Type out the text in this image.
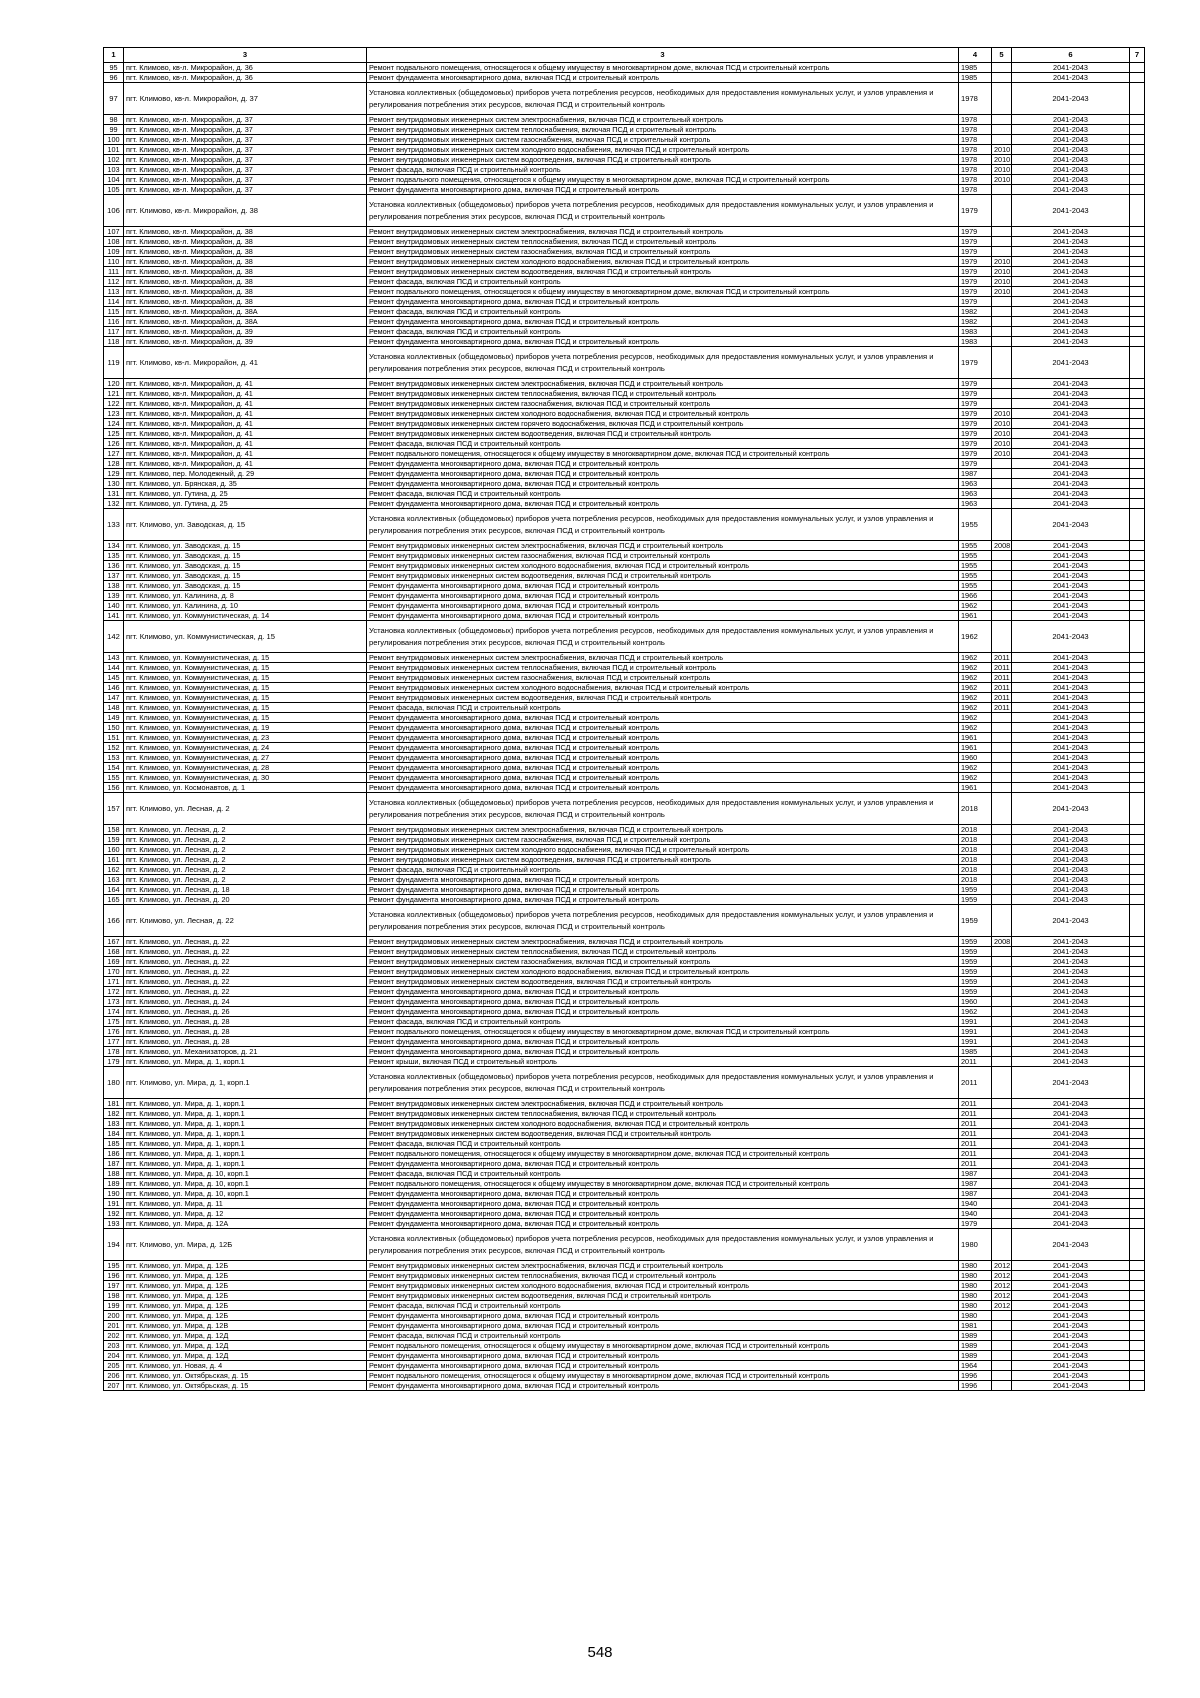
1	3	3	4	5	6	7
95	пгт. Климово, кв-л. Микрорайон, д. 36	Ремонт подвального помещения, относящегося к общему имуществу в многоквартирном доме, включая ПСД и строительный контроль	1985		2041-2043	
96	пгт. Климово, кв-л. Микрорайон, д. 36	Ремонт фундамента многоквартирного дома, включая ПСД и строительный контроль	1985		2041-2043	
97	пгт. Климово, кв-л. Микрорайон, д. 37	Установка коллективных (общедомовых) приборов учета потребления ресурсов, необходимых для предоставления коммунальных услуг, и узлов управления и регулирования потребления этих ресурсов, включая ПСД и строительный контроль	1978		2041-2043	
98	пгт. Климово, кв-л. Микрорайон, д. 37	Ремонт внутридомовых инженерных систем электроснабжения, включая ПСД и строительный контроль	1978		2041-2043	
99	пгт. Климово, кв-л. Микрорайон, д. 37	Ремонт внутридомовых инженерных систем теплоснабжения, включая ПСД и строительный контроль	1978		2041-2043	
100	пгт. Климово, кв-л. Микрорайон, д. 37	Ремонт внутридомовых инженерных систем газоснабжения, включая ПСД и строительный контроль	1978		2041-2043	
101	пгт. Климово, кв-л. Микрорайон, д. 37	Ремонт внутридомовых инженерных систем холодного водоснабжения, включая ПСД и строительный контроль	1978	2010	2041-2043	
102	пгт. Климово, кв-л. Микрорайон, д. 37	Ремонт внутридомовых инженерных систем водоотведения, включая ПСД и строительный контроль	1978	2010	2041-2043	
103	пгт. Климово, кв-л. Микрорайон, д. 37	Ремонт фасада, включая ПСД и строительный контроль	1978	2010	2041-2043	
104	пгт. Климово, кв-л. Микрорайон, д. 37	Ремонт подвального помещения, относящегося к общему имуществу в многоквартирном доме, включая ПСД и строительный контроль	1978	2010	2041-2043	
105	пгт. Климово, кв-л. Микрорайон, д. 37	Ремонт фундамента многоквартирного дома, включая ПСД и строительный контроль	1978		2041-2043	
106	пгт. Климово, кв-л. Микрорайон, д. 38	Установка коллективных (общедомовых) приборов учета потребления ресурсов, необходимых для предоставления коммунальных услуг, и узлов управления и регулирования потребления этих ресурсов, включая ПСД и строительный контроль	1979		2041-2043	
107	пгт. Климово, кв-л. Микрорайон, д. 38	Ремонт внутридомовых инженерных систем электроснабжения, включая ПСД и строительный контроль	1979		2041-2043	
108	пгт. Климово, кв-л. Микрорайон, д. 38	Ремонт внутридомовых инженерных систем теплоснабжения, включая ПСД и строительный контроль	1979		2041-2043	
109	пгт. Климово, кв-л. Микрорайон, д. 38	Ремонт внутридомовых инженерных систем газоснабжения, включая ПСД и строительный контроль	1979		2041-2043	
110	пгт. Климово, кв-л. Микрорайон, д. 38	Ремонт внутридомовых инженерных систем холодного водоснабжения, включая ПСД и строительный контроль	1979	2010	2041-2043	
111	пгт. Климово, кв-л. Микрорайон, д. 38	Ремонт внутридомовых инженерных систем водоотведения, включая ПСД и строительный контроль	1979	2010	2041-2043	
112	пгт. Климово, кв-л. Микрорайон, д. 38	Ремонт фасада, включая ПСД и строительный контроль	1979	2010	2041-2043	
113	пгт. Климово, кв-л. Микрорайон, д. 38	Ремонт подвального помещения, относящегося к общему имуществу в многоквартирном доме, включая ПСД и строительный контроль	1979	2010	2041-2043	
114	пгт. Климово, кв-л. Микрорайон, д. 38	Ремонт фундамента многоквартирного дома, включая ПСД и строительный контроль	1979		2041-2043	
115	пгт. Климово, кв-л. Микрорайон, д. 38А	Ремонт фасада, включая ПСД и строительный контроль	1982		2041-2043	
116	пгт. Климово, кв-л. Микрорайон, д. 38А	Ремонт фундамента многоквартирного дома, включая ПСД и строительный контроль	1982		2041-2043	
117	пгт. Климово, кв-л. Микрорайон, д. 39	Ремонт фасада, включая ПСД и строительный контроль	1983		2041-2043	
118	пгт. Климово, кв-л. Микрорайон, д. 39	Ремонт фундамента многоквартирного дома, включая ПСД и строительный контроль	1983		2041-2043	
119	пгт. Климово, кв-л. Микрорайон, д. 41	Установка коллективных (общедомовых) приборов учета потребления ресурсов, необходимых для предоставления коммунальных услуг, и узлов управления и регулирования потребления этих ресурсов, включая ПСД и строительный контроль	1979		2041-2043	
120	пгт. Климово, кв-л. Микрорайон, д. 41	Ремонт внутридомовых инженерных систем электроснабжения, включая ПСД и строительный контроль	1979		2041-2043	
121	пгт. Климово, кв-л. Микрорайон, д. 41	Ремонт внутридомовых инженерных систем теплоснабжения, включая ПСД и строительный контроль	1979		2041-2043	
122	пгт. Климово, кв-л. Микрорайон, д. 41	Ремонт внутридомовых инженерных систем газоснабжения, включая ПСД и строительный контроль	1979		2041-2043	
123	пгт. Климово, кв-л. Микрорайон, д. 41	Ремонт внутридомовых инженерных систем холодного водоснабжения, включая ПСД и строительный контроль	1979	2010	2041-2043	
124	пгт. Климово, кв-л. Микрорайон, д. 41	Ремонт внутридомовых инженерных систем горячего водоснабжения, включая ПСД и строительный контроль	1979	2010	2041-2043	
125	пгт. Климово, кв-л. Микрорайон, д. 41	Ремонт внутридомовых инженерных систем водоотведения, включая ПСД и строительный контроль	1979	2010	2041-2043	
126	пгт. Климово, кв-л. Микрорайон, д. 41	Ремонт фасада, включая ПСД и строительный контроль	1979	2010	2041-2043	
127	пгт. Климово, кв-л. Микрорайон, д. 41	Ремонт подвального помещения, относящегося к общему имуществу в многоквартирном доме, включая ПСД и строительный контроль	1979	2010	2041-2043	
128	пгт. Климово, кв-л. Микрорайон, д. 41	Ремонт фундамента многоквартирного дома, включая ПСД и строительный контроль	1979		2041-2043	
129	пгт. Климово, пер. Молодежный, д. 29	Ремонт фундамента многоквартирного дома, включая ПСД и строительный контроль	1987		2041-2043	
130	пгт. Климово, ул. Брянская, д. 35	Ремонт фундамента многоквартирного дома, включая ПСД и строительный контроль	1963		2041-2043	
131	пгт. Климово, ул. Гутина, д. 25	Ремонт фасада, включая ПСД и строительный контроль	1963		2041-2043	
132	пгт. Климово, ул. Гутина, д. 25	Ремонт фундамента многоквартирного дома, включая ПСД и строительный контроль	1963		2041-2043	
133	пгт. Климово, ул. Заводская, д. 15	Установка коллективных (общедомовых) приборов учета потребления ресурсов, необходимых для предоставления коммунальных услуг, и узлов управления и регулирования потребления этих ресурсов, включая ПСД и строительный контроль	1955		2041-2043	
134	пгт. Климово, ул. Заводская, д. 15	Ремонт внутридомовых инженерных систем электроснабжения, включая ПСД и строительный контроль	1955	2008	2041-2043	
135	пгт. Климово, ул. Заводская, д. 15	Ремонт внутридомовых инженерных систем газоснабжения, включая ПСД и строительный контроль	1955		2041-2043	
136	пгт. Климово, ул. Заводская, д. 15	Ремонт внутридомовых инженерных систем холодного водоснабжения, включая ПСД и строительный контроль	1955		2041-2043	
137	пгт. Климово, ул. Заводская, д. 15	Ремонт внутридомовых инженерных систем водоотведения, включая ПСД и строительный контроль	1955		2041-2043	
138	пгт. Климово, ул. Заводская, д. 15	Ремонт фундамента многоквартирного дома, включая ПСД и строительный контроль	1955		2041-2043	
139	пгт. Климово, ул. Калинина, д. 8	Ремонт фундамента многоквартирного дома, включая ПСД и строительный контроль	1966		2041-2043	
140	пгт. Климово, ул. Калинина, д. 10	Ремонт фундамента многоквартирного дома, включая ПСД и строительный контроль	1962		2041-2043	
141	пгт. Климово, ул. Коммунистическая, д. 14	Ремонт фундамента многоквартирного дома, включая ПСД и строительный контроль	1961		2041-2043	
142	пгт. Климово, ул. Коммунистическая, д. 15	Установка коллективных (общедомовых) приборов учета потребления ресурсов, необходимых для предоставления коммунальных услуг, и узлов управления и регулирования потребления этих ресурсов, включая ПСД и строительный контроль	1962		2041-2043	
143	пгт. Климово, ул. Коммунистическая, д. 15	Ремонт внутридомовых инженерных систем электроснабжения, включая ПСД и строительный контроль	1962	2011	2041-2043	
144	пгт. Климово, ул. Коммунистическая, д. 15	Ремонт внутридомовых инженерных систем теплоснабжения, включая ПСД и строительный контроль	1962	2011	2041-2043	
145	пгт. Климово, ул. Коммунистическая, д. 15	Ремонт внутридомовых инженерных систем газоснабжения, включая ПСД и строительный контроль	1962	2011	2041-2043	
146	пгт. Климово, ул. Коммунистическая, д. 15	Ремонт внутридомовых инженерных систем холодного водоснабжения, включая ПСД и строительный контроль	1962	2011	2041-2043	
147	пгт. Климово, ул. Коммунистическая, д. 15	Ремонт внутридомовых инженерных систем водоотведения, включая ПСД и строительный контроль	1962	2011	2041-2043	
148	пгт. Климово, ул. Коммунистическая, д. 15	Ремонт фасада, включая ПСД и строительный контроль	1962	2011	2041-2043	
149	пгт. Климово, ул. Коммунистическая, д. 15	Ремонт фундамента многоквартирного дома, включая ПСД и строительный контроль	1962		2041-2043	
150	пгт. Климово, ул. Коммунистическая, д. 19	Ремонт фундамента многоквартирного дома, включая ПСД и строительный контроль	1962		2041-2043	
151	пгт. Климово, ул. Коммунистическая, д. 23	Ремонт фундамента многоквартирного дома, включая ПСД и строительный контроль	1961		2041-2043	
152	пгт. Климово, ул. Коммунистическая, д. 24	Ремонт фундамента многоквартирного дома, включая ПСД и строительный контроль	1961		2041-2043	
153	пгт. Климово, ул. Коммунистическая, д. 27	Ремонт фундамента многоквартирного дома, включая ПСД и строительный контроль	1960		2041-2043	
154	пгт. Климово, ул. Коммунистическая, д. 28	Ремонт фундамента многоквартирного дома, включая ПСД и строительный контроль	1962		2041-2043	
155	пгт. Климово, ул. Коммунистическая, д. 30	Ремонт фундамента многоквартирного дома, включая ПСД и строительный контроль	1962		2041-2043	
156	пгт. Климово, ул. Космонавтов, д. 1	Ремонт фундамента многоквартирного дома, включая ПСД и строительный контроль	1961		2041-2043	
157	пгт. Климово, ул. Лесная, д. 2	Установка коллективных (общедомовых) приборов учета потребления ресурсов, необходимых для предоставления коммунальных услуг, и узлов управления и регулирования потребления этих ресурсов, включая ПСД и строительный контроль	2018		2041-2043	
158	пгт. Климово, ул. Лесная, д. 2	Ремонт внутридомовых инженерных систем электроснабжения, включая ПСД и строительный контроль	2018		2041-2043	
159	пгт. Климово, ул. Лесная, д. 2	Ремонт внутридомовых инженерных систем газоснабжения, включая ПСД и строительный контроль	2018		2041-2043	
160	пгт. Климово, ул. Лесная, д. 2	Ремонт внутридомовых инженерных систем холодного водоснабжения, включая ПСД и строительный контроль	2018		2041-2043	
161	пгт. Климово, ул. Лесная, д. 2	Ремонт внутридомовых инженерных систем водоотведения, включая ПСД и строительный контроль	2018		2041-2043	
162	пгт. Климово, ул. Лесная, д. 2	Ремонт фасада, включая ПСД и строительный контроль	2018		2041-2043	
163	пгт. Климово, ул. Лесная, д. 2	Ремонт фундамента многоквартирного дома, включая ПСД и строительный контроль	2018		2041-2043	
164	пгт. Климово, ул. Лесная, д. 18	Ремонт фундамента многоквартирного дома, включая ПСД и строительный контроль	1959		2041-2043	
165	пгт. Климово, ул. Лесная, д. 20	Ремонт фундамента многоквартирного дома, включая ПСД и строительный контроль	1959		2041-2043	
166	пгт. Климово, ул. Лесная, д. 22	Установка коллективных (общедомовых) приборов учета потребления ресурсов, необходимых для предоставления коммунальных услуг, и узлов управления и регулирования потребления этих ресурсов, включая ПСД и строительный контроль	1959		2041-2043	
167	пгт. Климово, ул. Лесная, д. 22	Ремонт внутридомовых инженерных систем электроснабжения, включая ПСД и строительный контроль	1959	2008	2041-2043	
168	пгт. Климово, ул. Лесная, д. 22	Ремонт внутридомовых инженерных систем теплоснабжения, включая ПСД и строительный контроль	1959		2041-2043	
169	пгт. Климово, ул. Лесная, д. 22	Ремонт внутридомовых инженерных систем газоснабжения, включая ПСД и строительный контроль	1959		2041-2043	
170	пгт. Климово, ул. Лесная, д. 22	Ремонт внутридомовых инженерных систем холодного водоснабжения, включая ПСД и строительный контроль	1959		2041-2043	
171	пгт. Климово, ул. Лесная, д. 22	Ремонт внутридомовых инженерных систем водоотведения, включая ПСД и строительный контроль	1959		2041-2043	
172	пгт. Климово, ул. Лесная, д. 22	Ремонт фундамента многоквартирного дома, включая ПСД и строительный контроль	1959		2041-2043	
173	пгт. Климово, ул. Лесная, д. 24	Ремонт фундамента многоквартирного дома, включая ПСД и строительный контроль	1960		2041-2043	
174	пгт. Климово, ул. Лесная, д. 26	Ремонт фундамента многоквартирного дома, включая ПСД и строительный контроль	1962		2041-2043	
175	пгт. Климово, ул. Лесная, д. 28	Ремонт фасада, включая ПСД и строительный контроль	1991		2041-2043	
176	пгт. Климово, ул. Лесная, д. 28	Ремонт подвального помещения, относящегося к общему имуществу в многоквартирном доме, включая ПСД и строительный контроль	1991		2041-2043	
177	пгт. Климово, ул. Лесная, д. 28	Ремонт фундамента многоквартирного дома, включая ПСД и строительный контроль	1991		2041-2043	
178	пгт. Климово, ул. Механизаторов, д. 21	Ремонт фундамента многоквартирного дома, включая ПСД и строительный контроль	1985		2041-2043	
179	пгт. Климово, ул. Мира, д. 1, корп.1	Ремонт крыши, включая ПСД и строительный контроль	2011		2041-2043	
180	пгт. Климово, ул. Мира, д. 1, корп.1	Установка коллективных (общедомовых) приборов учета потребления ресурсов, необходимых для предоставления коммунальных услуг, и узлов управления и регулирования потребления этих ресурсов, включая ПСД и строительный контроль	2011		2041-2043	
181	пгт. Климово, ул. Мира, д. 1, корп.1	Ремонт внутридомовых инженерных систем электроснабжения, включая ПСД и строительный контроль	2011		2041-2043	
182	пгт. Климово, ул. Мира, д. 1, корп.1	Ремонт внутридомовых инженерных систем теплоснабжения, включая ПСД и строительный контроль	2011		2041-2043	
183	пгт. Климово, ул. Мира, д. 1, корп.1	Ремонт внутридомовых инженерных систем холодного водоснабжения, включая ПСД и строительный контроль	2011		2041-2043	
184	пгт. Климово, ул. Мира, д. 1, корп.1	Ремонт внутридомовых инженерных систем водоотведения, включая ПСД и строительный контроль	2011		2041-2043	
185	пгт. Климово, ул. Мира, д. 1, корп.1	Ремонт фасада, включая ПСД и строительный контроль	2011		2041-2043	
186	пгт. Климово, ул. Мира, д. 1, корп.1	Ремонт подвального помещения, относящегося к общему имуществу в многоквартирном доме, включая ПСД и строительный контроль	2011		2041-2043	
187	пгт. Климово, ул. Мира, д. 1, корп.1	Ремонт фундамента многоквартирного дома, включая ПСД и строительный контроль	2011		2041-2043	
188	пгт. Климово, ул. Мира, д. 10, корп.1	Ремонт фасада, включая ПСД и строительный контроль	1987		2041-2043	
189	пгт. Климово, ул. Мира, д. 10, корп.1	Ремонт подвального помещения, относящегося к общему имуществу в многоквартирном доме, включая ПСД и строительный контроль	1987		2041-2043	
190	пгт. Климово, ул. Мира, д. 10, корп.1	Ремонт фундамента многоквартирного дома, включая ПСД и строительный контроль	1987		2041-2043	
191	пгт. Климово, ул. Мира, д. 11	Ремонт фундамента многоквартирного дома, включая ПСД и строительный контроль	1940		2041-2043	
192	пгт. Климово, ул. Мира, д. 12	Ремонт фундамента многоквартирного дома, включая ПСД и строительный контроль	1940		2041-2043	
193	пгт. Климово, ул. Мира, д. 12А	Ремонт фундамента многоквартирного дома, включая ПСД и строительный контроль	1979		2041-2043	
194	пгт. Климово, ул. Мира, д. 12Б	Установка коллективных (общедомовых) приборов учета потребления ресурсов, необходимых для предоставления коммунальных услуг, и узлов управления и регулирования потребления этих ресурсов, включая ПСД и строительный контроль	1980		2041-2043	
195	пгт. Климово, ул. Мира, д. 12Б	Ремонт внутридомовых инженерных систем электроснабжения, включая ПСД и строительный контроль	1980	2012	2041-2043	
196	пгт. Климово, ул. Мира, д. 12Б	Ремонт внутридомовых инженерных систем теплоснабжения, включая ПСД и строительный контроль	1980	2012	2041-2043	
197	пгт. Климово, ул. Мира, д. 12Б	Ремонт внутридомовых инженерных систем холодного водоснабжения, включая ПСД и строительный контроль	1980	2012	2041-2043	
198	пгт. Климово, ул. Мира, д. 12Б	Ремонт внутридомовых инженерных систем водоотведения, включая ПСД и строительный контроль	1980	2012	2041-2043	
199	пгт. Климово, ул. Мира, д. 12Б	Ремонт фасада, включая ПСД и строительный контроль	1980	2012	2041-2043	
200	пгт. Климово, ул. Мира, д. 12Б	Ремонт фундамента многоквартирного дома, включая ПСД и строительный контроль	1980		2041-2043	
201	пгт. Климово, ул. Мира, д. 12В	Ремонт фундамента многоквартирного дома, включая ПСД и строительный контроль	1981		2041-2043	
202	пгт. Климово, ул. Мира, д. 12Д	Ремонт фасада, включая ПСД и строительный контроль	1989		2041-2043	
203	пгт. Климово, ул. Мира, д. 12Д	Ремонт подвального помещения, относящегося к общему имуществу в многоквартирном доме, включая ПСД и строительный контроль	1989		2041-2043	
204	пгт. Климово, ул. Мира, д. 12Д	Ремонт фундамента многоквартирного дома, включая ПСД и строительный контроль	1989		2041-2043	
205	пгт. Климово, ул. Новая, д. 4	Ремонт фундамента многоквартирного дома, включая ПСД и строительный контроль	1964		2041-2043	
206	пгт. Климово, ул. Октябрьская, д. 15	Ремонт подвального помещения, относящегося к общему имуществу в многоквартирном доме, включая ПСД и строительный контроль	1996		2041-2043	
207	пгт. Климово, ул. Октябрьская, д. 15	Ремонт фундамента многоквартирного дома, включая ПСД и строительный контроль	1996		2041-2043	
548
